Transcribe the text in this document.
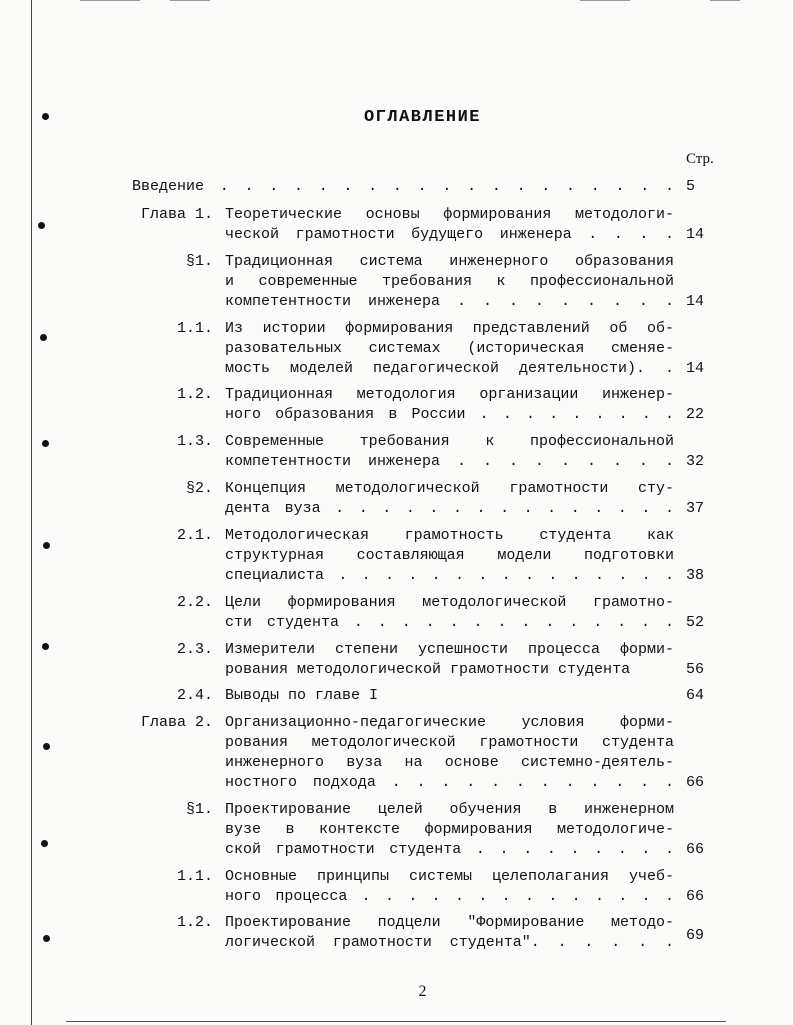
ОГЛАВЛЕНИЕ
Стр.
Введение . . . . . . . . . . . . . . . . . . . 5
Глава 1. Теоретические основы формирования методологи-
ческой грамотности будущего инженера . . . . 14
§1. Традиционная система инженерного образования
и современные требования к профессиональной
компетентности инженера . . . . . . . . . 14
1.1. Из истории формирования представлений об об-
разовательных системах (историческая сменяе-
мость моделей педагогической деятельности). . 14
1.2. Традиционная методология организации инженер-
ного образования в России . . . . . . . . . 22
1.3. Современные требования к профессиональной
компетентности инженера . . . . . . . . . 32
§2. Концепция методологической грамотности сту-
дента вуза . . . . . . . . . . . . . . . 37
2.1. Методологическая грамотность студента как
структурная составляющая модели подготовки
специалиста . . . . . . . . . . . . . . . 38
2.2. Цели формирования методологической грамотно-
сти студента . . . . . . . . . . . . . . 52
2.3. Измерители степени успешности процесса форми-
рования методологической грамотности студента	56
2.4. Выводы по главе I	64
Глава 2. Организационно-педагогические условия форми-
рования методологической грамотности студента
инженерного вуза на основе системно-деятель-
ностного подхода . . . . . . . . . . . . 66
§1. Проектирование целей обучения в инженерном
вузе в контексте формирования методологиче-
ской грамотности студента . . . . . . . . . 66
1.1. Основные принципы системы целеполагания учеб-
ного процесса . . . . . . . . . . . . . . 66
1.2. Проектирование подцели "Формирование методо-
логической грамотности студента". . . . . . 69
2
